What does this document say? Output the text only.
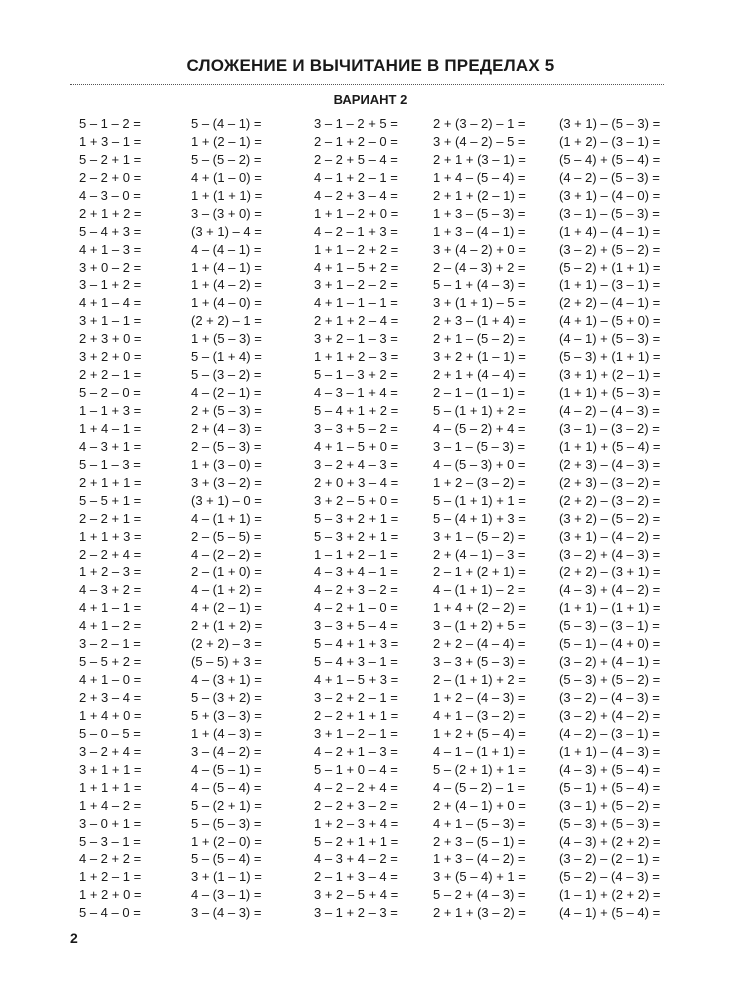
СЛОЖЕНИЕ И ВЫЧИТАНИЕ В ПРЕДЕЛАХ 5
ВАРИАНТ 2
5 – 1 – 2 =
1 + 3 – 1 =
5 – 2 + 1 =
2 – 2 + 0 =
4 – 3 – 0 =
2 + 1 + 2 =
5 – 4 + 3 =
4 + 1 – 3 =
3 + 0 – 2 =
3 – 1 + 2 =
4 + 1 – 4 =
3 + 1 – 1 =
2 + 3 + 0 =
3 + 2 + 0 =
2 + 2 – 1 =
5 – 2 – 0 =
1 – 1 + 3 =
1 + 4 – 1 =
4 – 3 + 1 =
5 – 1 – 3 =
2 + 1 + 1 =
5 – 5 + 1 =
2 – 2 + 1 =
1 + 1 + 3 =
2 – 2 + 4 =
1 + 2 – 3 =
4 – 3 + 2 =
4 + 1 – 1 =
4 + 1 – 2 =
3 – 2 – 1 =
5 – 5 + 2 =
4 + 1 – 0 =
2 + 3 – 4 =
1 + 4 + 0 =
5 – 0 – 5 =
3 – 2 + 4 =
3 + 1 + 1 =
1 + 1 + 1 =
1 + 4 – 2 =
3 – 0 + 1 =
5 – 3 – 1 =
4 – 2 + 2 =
1 + 2 – 1 =
1 + 2 + 0 =
5 – 4 – 0 =
5 – (4 – 1) =
1 + (2 – 1) =
5 – (5 – 2) =
4 + (1 – 0) =
1 + (1 + 1) =
3 – (3 + 0) =
(3 + 1) – 4 =
4 – (4 – 1) =
1 + (4 – 1) =
1 + (4 – 2) =
1 + (4 – 0) =
(2 + 2) – 1 =
1 + (5 – 3) =
5 – (1 + 4) =
5 – (3 – 2) =
4 – (2 – 1) =
2 + (5 – 3) =
2 + (4 – 3) =
2 – (5 – 3) =
1 + (3 – 0) =
3 + (3 – 2) =
(3 + 1) – 0 =
4 – (1 + 1) =
2 – (5 – 5) =
4 – (2 – 2) =
2 – (1 + 0) =
4 – (1 + 2) =
4 + (2 – 1) =
2 + (1 + 2) =
(2 + 2) – 3 =
(5 – 5) + 3 =
4 – (3 + 1) =
5 – (3 + 2) =
5 + (3 – 3) =
1 + (4 – 3) =
3 – (4 – 2) =
4 – (5 – 1) =
4 – (5 – 4) =
5 – (2 + 1) =
5 – (5 – 3) =
1 + (2 – 0) =
5 – (5 – 4) =
3 + (1 – 1) =
4 – (3 – 1) =
3 – (4 – 3) =
3 – 1 – 2 + 5 =
2 – 1 + 2 – 0 =
2 – 2 + 5 – 4 =
4 – 1 + 2 – 1 =
4 – 2 + 3 – 4 =
1 + 1 – 2 + 0 =
4 – 2 – 1 + 3 =
1 + 1 – 2 + 2 =
4 + 1 – 5 + 2 =
3 + 1 – 2 – 2 =
4 + 1 – 1 – 1 =
2 + 1 + 2 – 4 =
3 + 2 – 1 – 3 =
1 + 1 + 2 – 3 =
5 – 1 – 3 + 2 =
4 – 3 – 1 + 4 =
5 – 4 + 1 + 2 =
3 – 3 + 5 – 2 =
4 + 1 – 5 + 0 =
3 – 2 + 4 – 3 =
2 + 0 + 3 – 4 =
3 + 2 – 5 + 0 =
5 – 3 + 2 + 1 =
5 – 3 + 2 + 1 =
1 – 1 + 2 – 1 =
4 – 3 + 4 – 1 =
4 – 2 + 3 – 2 =
4 – 2 + 1 – 0 =
3 – 3 + 5 – 4 =
5 – 4 + 1 + 3 =
5 – 4 + 3 – 1 =
4 + 1 – 5 + 3 =
3 – 2 + 2 – 1 =
2 – 2 + 1 + 1 =
3 + 1 – 2 – 1 =
4 – 2 + 1 – 3 =
5 – 1 + 0 – 4 =
4 – 2 – 2 + 4 =
2 – 2 + 3 – 2 =
1 + 2 – 3 + 4 =
5 – 2 + 1 + 1 =
4 – 3 + 4 – 2 =
2 – 1 + 3 – 4 =
3 + 2 – 5 + 4 =
3 – 1 + 2 – 3 =
2 + (3 – 2) – 1 =
3 + (4 – 2) – 5 =
2 + 1 + (3 – 1) =
1 + 4 – (5 – 4) =
2 + 1 + (2 – 1) =
1 + 3 – (5 – 3) =
1 + 3 – (4 – 1) =
3 + (4 – 2) + 0 =
2 – (4 – 3) + 2 =
5 – 1 + (4 – 3) =
3 + (1 + 1) – 5 =
2 + 3 – (1 + 4) =
2 + 1 – (5 – 2) =
3 + 2 + (1 – 1) =
2 + 1 + (4 – 4) =
2 – 1 – (1 – 1) =
5 – (1 + 1) + 2 =
4 – (5 – 2) + 4 =
3 – 1 – (5 – 3) =
4 – (5 – 3) + 0 =
1 + 2 – (3 – 2) =
5 – (1 + 1) + 1 =
5 – (4 + 1) + 3 =
3 + 1 – (5 – 2) =
2 + (4 – 1) – 3 =
2 – 1 + (2 + 1) =
4 – (1 + 1) – 2 =
1 + 4 + (2 – 2) =
3 – (1 + 2) + 5 =
2 + 2 – (4 – 4) =
3 – 3 + (5 – 3) =
2 – (1 + 1) + 2 =
1 + 2 – (4 – 3) =
4 + 1 – (3 – 2) =
1 + 2 + (5 – 4) =
4 – 1 – (1 + 1) =
5 – (2 + 1) + 1 =
4 – (5 – 2) – 1 =
2 + (4 – 1) + 0 =
4 + 1 – (5 – 3) =
2 + 3 – (5 – 1) =
1 + 3 – (4 – 2) =
3 + (5 – 4) + 1 =
5 – 2 + (4 – 3) =
2 + 1 + (3 – 2) =
(3 + 1) – (5 – 3) =
(1 + 2) – (3 – 1) =
(5 – 4) + (5 – 4) =
(4 – 2) – (5 – 3) =
(3 + 1) – (4 – 0) =
(3 – 1) – (5 – 3) =
(1 + 4) – (4 – 1) =
(3 – 2) + (5 – 2) =
(5 – 2) + (1 + 1) =
(1 + 1) – (3 – 1) =
(2 + 2) – (4 – 1) =
(4 + 1) – (5 + 0) =
(4 – 1) + (5 – 3) =
(5 – 3) + (1 + 1) =
(3 + 1) + (2 – 1) =
(1 + 1) + (5 – 3) =
(4 – 2) – (4 – 3) =
(3 – 1) – (3 – 2) =
(1 + 1) + (5 – 4) =
(2 + 3) – (4 – 3) =
(2 + 3) – (3 – 2) =
(2 + 2) – (3 – 2) =
(3 + 2) – (5 – 2) =
(3 + 1) – (4 – 2) =
(3 – 2) + (4 – 3) =
(2 + 2) – (3 + 1) =
(4 – 3) + (4 – 2) =
(1 + 1) – (1 + 1) =
(5 – 3) – (3 – 1) =
(5 – 1) – (4 + 0) =
(3 – 2) + (4 – 1) =
(5 – 3) + (5 – 2) =
(3 – 2) – (4 – 3) =
(3 – 2) + (4 – 2) =
(4 – 2) – (3 – 1) =
(1 + 1) – (4 – 3) =
(4 – 3) + (5 – 4) =
(5 – 1) + (5 – 4) =
(3 – 1) + (5 – 2) =
(5 – 3) + (5 – 3) =
(4 – 3) + (2 + 2) =
(3 – 2) – (2 – 1) =
(5 – 2) – (4 – 3) =
(1 – 1) + (2 + 2) =
(4 – 1) + (5 – 4) =
2
